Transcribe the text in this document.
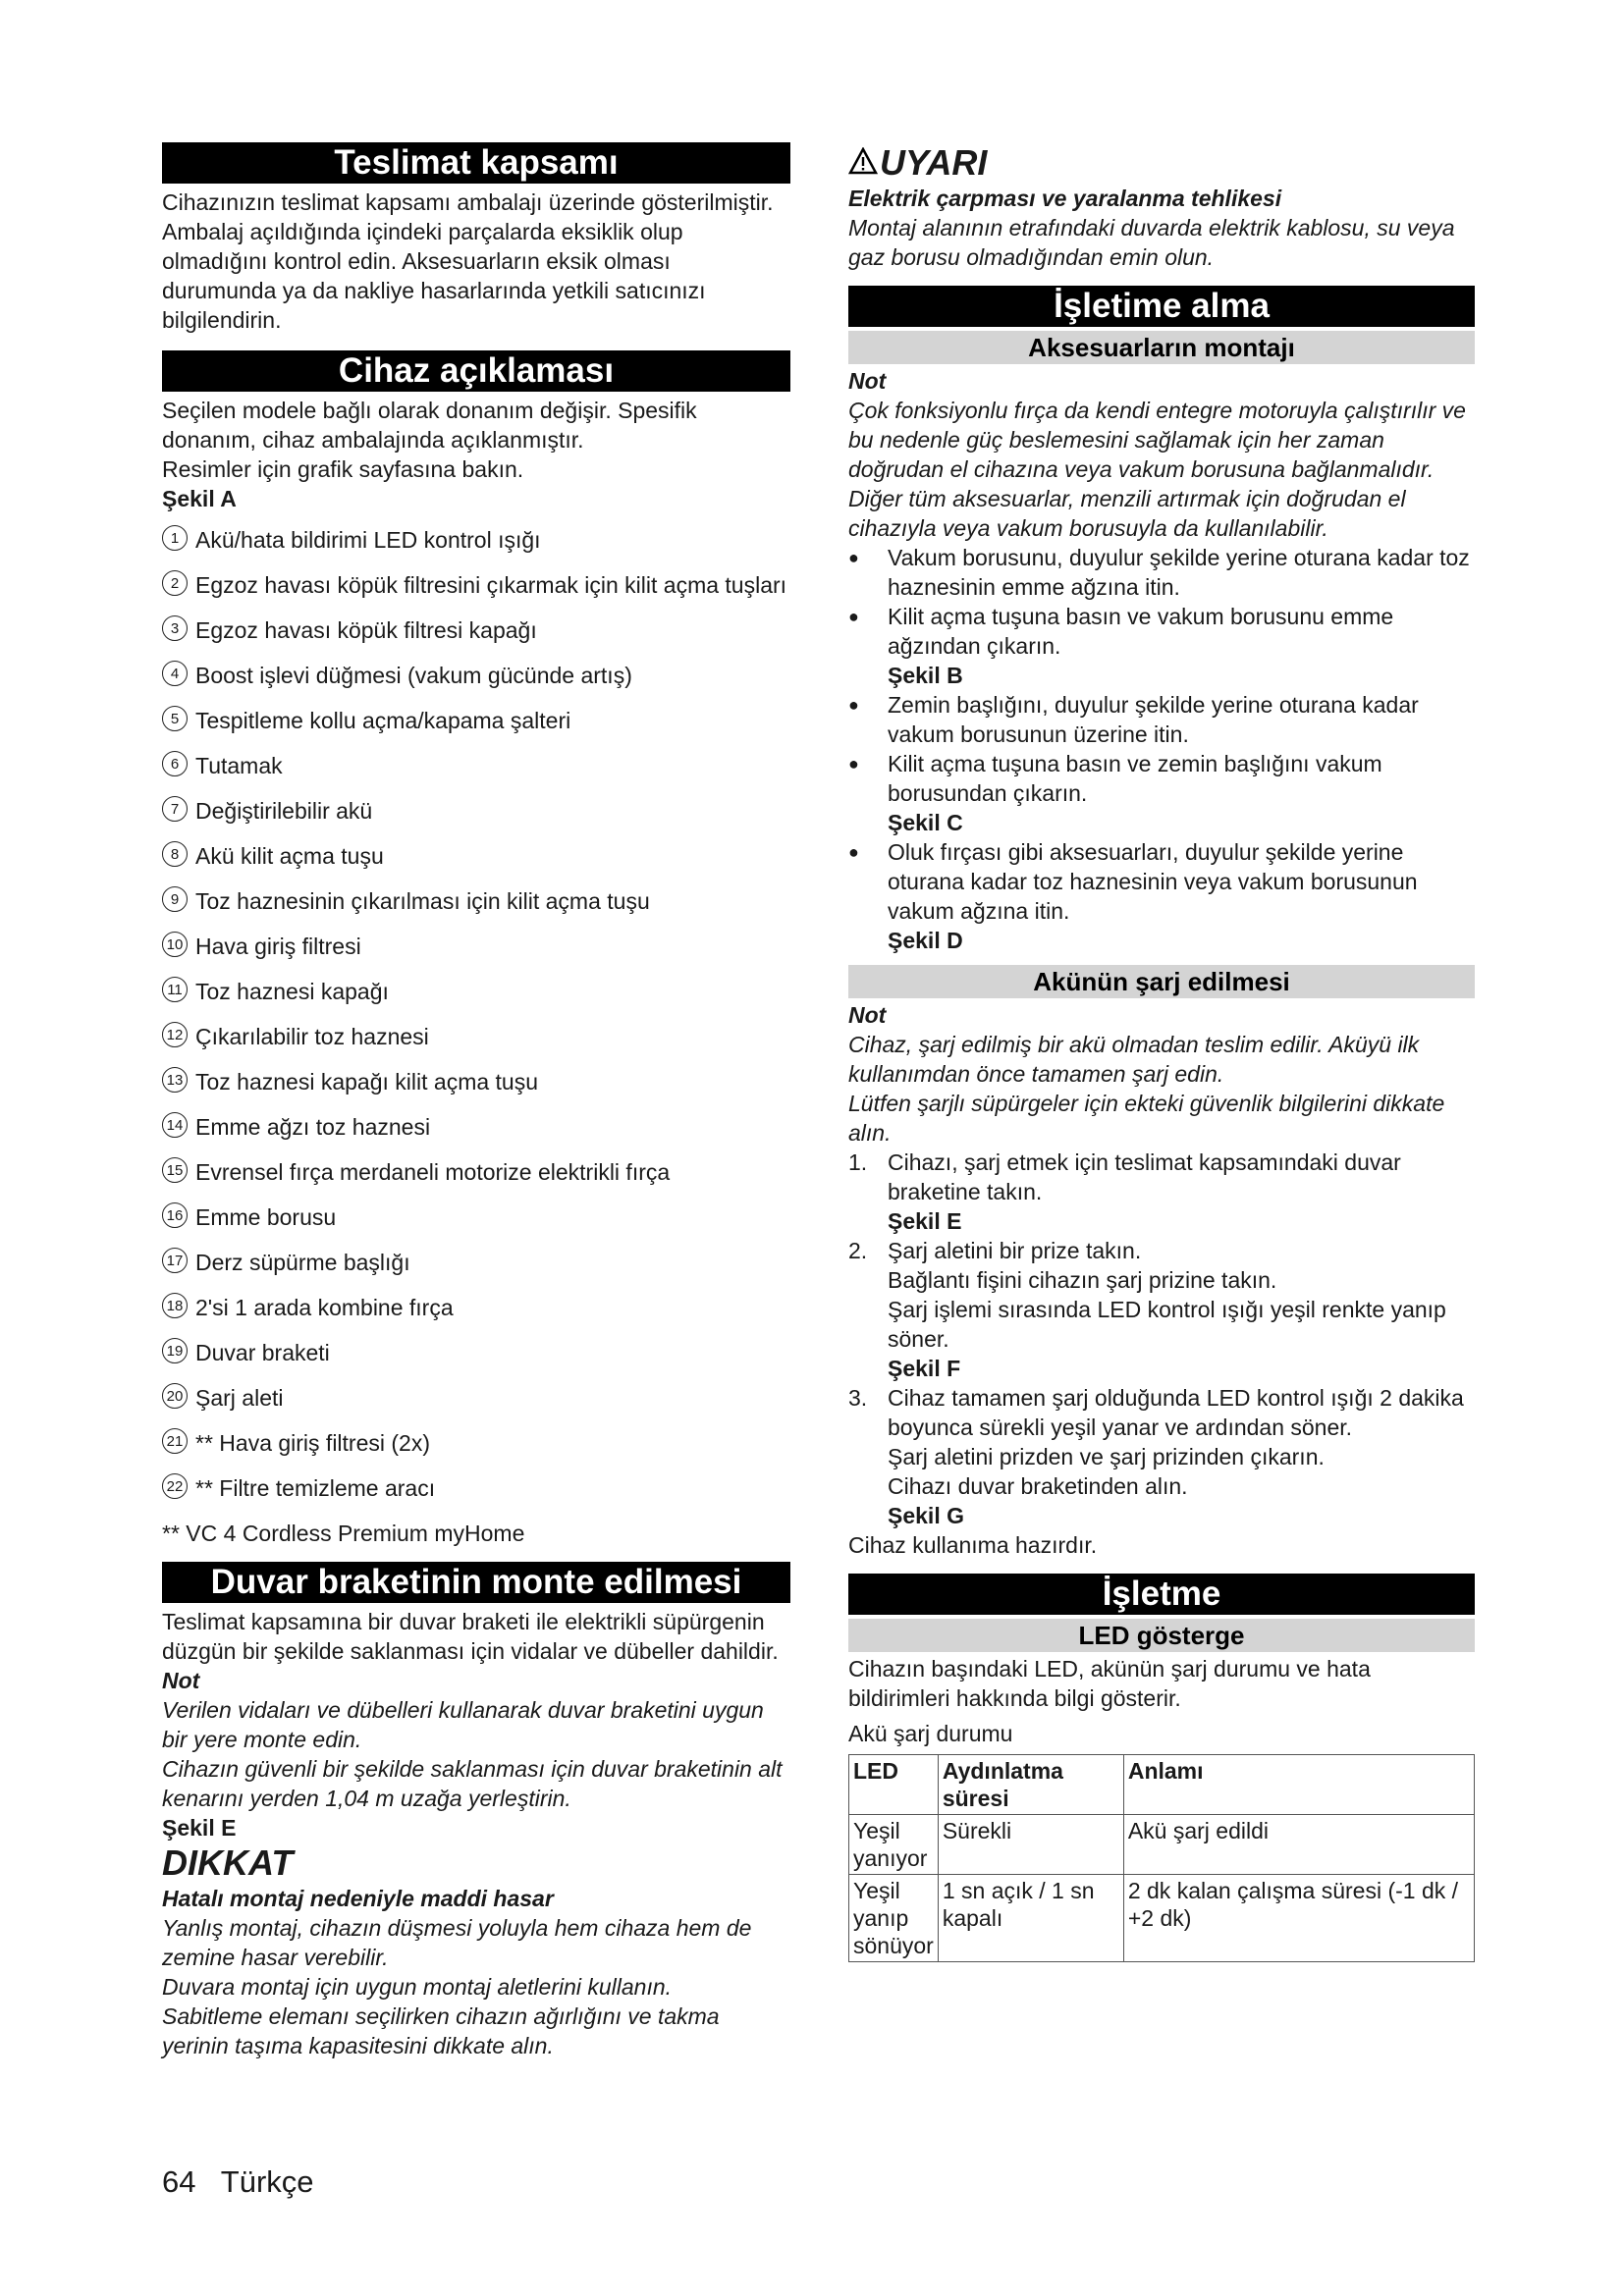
Teslimat kapsamı

Cihazınızın teslimat kapsamı ambalajı üzerinde gösterilmiştir. Ambalaj açıldığında içindeki parçalarda eksiklik olup olmadığını kontrol edin. Aksesuarların eksik olması durumunda ya da nakliye hasarlarında yetkili satıcınızı bilgilendirin.

Cihaz açıklaması

Seçilen modele bağlı olarak donanım değişir. Spesifik donanım, cihaz ambalajında açıklanmıştır.

Resimler için grafik sayfasına bakın.

Şekil A

1 Akü/hata bildirimi LED kontrol ışığı
2 Egzoz havası köpük filtresini çıkarmak için kilit açma tuşları
3 Egzoz havası köpük filtresi kapağı
4 Boost işlevi düğmesi (vakum gücünde artış)
5 Tespitleme kollu açma/kapama şalteri
6 Tutamak
7 Değiştirilebilir akü
8 Akü kilit açma tuşu
9 Toz haznesinin çıkarılması için kilit açma tuşu
10 Hava giriş filtresi
11 Toz haznesi kapağı
12 Çıkarılabilir toz haznesi
13 Toz haznesi kapağı kilit açma tuşu
14 Emme ağzı toz haznesi
15 Evrensel fırça merdaneli motorize elektrikli fırça
16 Emme borusu
17 Derz süpürme başlığı
18 2'si 1 arada kombine fırça
19 Duvar braketi
20 Şarj aleti
21 ** Hava giriş filtresi (2x)
22 ** Filtre temizleme aracı

** VC 4 Cordless Premium myHome

Duvar braketinin monte edilmesi

Teslimat kapsamına bir duvar braketi ile elektrikli süpürgenin düzgün bir şekilde saklanması için vidalar ve dübeller dahildir.

Not

Verilen vidaları ve dübelleri kullanarak duvar braketini uygun bir yere monte edin.

Cihazın güvenli bir şekilde saklanması için duvar braketinin alt kenarını yerden 1,04 m uzağa yerleştirin.

Şekil E

DIKKAT

Hatalı montaj nedeniyle maddi hasar

Yanlış montaj, cihazın düşmesi yoluyla hem cihaza hem de zemine hasar verebilir.

Duvara montaj için uygun montaj aletlerini kullanın.

Sabitleme elemanı seçilirken cihazın ağırlığını ve takma yerinin taşıma kapasitesini dikkate alın.

UYARI

Elektrik çarpması ve yaralanma tehlikesi

Montaj alanının etrafındaki duvarda elektrik kablosu, su veya gaz borusu olmadığından emin olun.

İşletime alma
Aksesuarların montajı

Not

Çok fonksiyonlu fırça da kendi entegre motoruyla çalıştırılır ve bu nedenle güç beslemesini sağlamak için her zaman doğrudan el cihazına veya vakum borusuna bağlanmalıdır.

Diğer tüm aksesuarlar, menzili artırmak için doğrudan el cihazıyla veya vakum borusuyla da kullanılabilir.

● Vakum borusunu, duyulur şekilde yerine oturana kadar toz haznesinin emme ağzına itin.
● Kilit açma tuşuna basın ve vakum borusunu emme ağzından çıkarın.
Şekil B
● Zemin başlığını, duyulur şekilde yerine oturana kadar vakum borusunun üzerine itin.
● Kilit açma tuşuna basın ve zemin başlığını vakum borusundan çıkarın.
Şekil C
● Oluk fırçası gibi aksesuarları, duyulur şekilde yerine oturana kadar toz haznesinin veya vakum borusunun vakum ağzına itin.
Şekil D
Akünün şarj edilmesi

Not

Cihaz, şarj edilmiş bir akü olmadan teslim edilir. Aküyü ilk kullanımdan önce tamamen şarj edin.

Lütfen şarjlı süpürgeler için ekteki güvenlik bilgilerini dikkate alın.

1. Cihazı, şarj etmek için teslimat kapsamındaki duvar braketine takın.
Şekil E
2. Şarj aletini bir prize takın.
Bağlantı fişini cihazın şarj prizine takın.
Şarj işlemi sırasında LED kontrol ışığı yeşil renkte yanıp söner.
Şekil F
3. Cihaz tamamen şarj olduğunda LED kontrol ışığı 2 dakika boyunca sürekli yeşil yanar ve ardından söner.
Şarj aletini prizden ve şarj prizinden çıkarın.
Cihazı duvar braketinden alın.
Şekil G

Cihaz kullanıma hazırdır.

İşletme
LED gösterge

Cihazın başındaki LED, akünün şarj durumu ve hata bildirimleri hakkında bilgi gösterir.

Akü şarj durumu

LED	Aydınlatma süresi	Anlamı
Yeşil yanıyor	Sürekli	Akü şarj edildi
Yeşil yanıp sönüyor	1 sn açık / 1 sn kapalı	2 dk kalan çalışma süresi (-1 dk / +2 dk)
64 Türkçe
